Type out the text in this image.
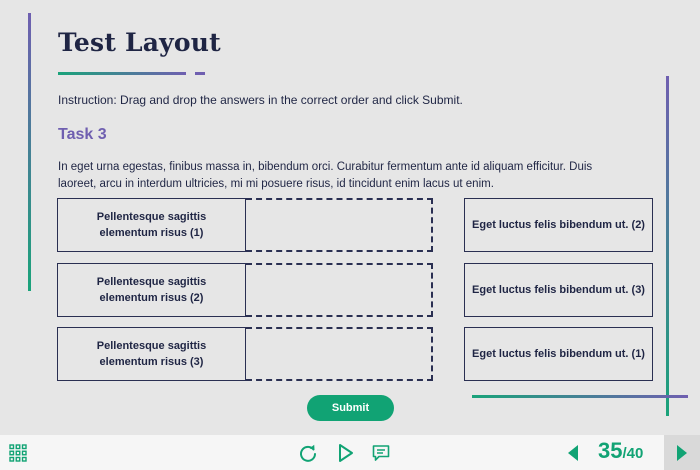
Test Layout

Instruction: Drag and drop the answers in the correct order and click Submit.

Task 3

In eget urna egestas, finibus massa in, bibendum orci. Curabitur fermentum ante id aliquam efficitur. Duis laoreet, arcu in interdum ultricies, mi mi posuere risus, id tincidunt enim lacus ut enim.

Pellentesque sagittis elementum risus (1)
Eget luctus felis bibendum ut. (2)
Pellentesque sagittis elementum risus (2)
Eget luctus felis bibendum ut. (3)
Pellentesque sagittis elementum risus (3)
Eget luctus felis bibendum ut. (1)
Submit
35/40
